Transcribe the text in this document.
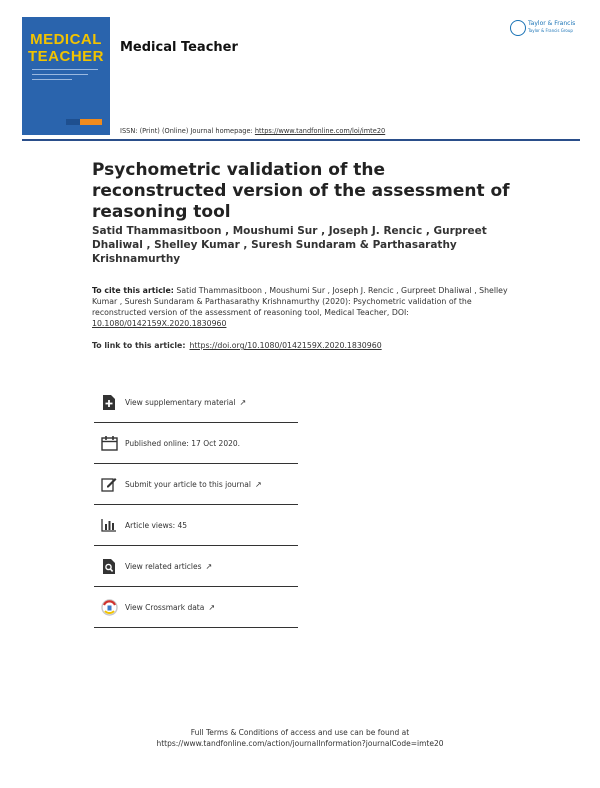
MEDICAL
TEACHER
Medical Teacher
ISSN: (Print) (Online) Journal homepage: https://www.tandfonline.com/loi/imte20
Taylor & Francis
Taylor & Francis Group
Psychometric validation of the reconstructed version of the assessment of reasoning tool
Satid Thammasitboon , Moushumi Sur , Joseph J. Rencic , Gurpreet Dhaliwal , Shelley Kumar , Suresh Sundaram & Parthasarathy Krishnamurthy
To cite this article: Satid Thammasitboon , Moushumi Sur , Joseph J. Rencic , Gurpreet Dhaliwal , Shelley Kumar , Suresh Sundaram & Parthasarathy Krishnamurthy (2020): Psychometric validation of the reconstructed version of the assessment of reasoning tool, Medical Teacher, DOI: 10.1080/0142159X.2020.1830960
To link to this article: https://doi.org/10.1080/0142159X.2020.1830960
View supplementary material ↗
Published online: 17 Oct 2020.
Submit your article to this journal ↗
Article views: 45
View related articles ↗
View Crossmark data ↗
Full Terms & Conditions of access and use can be found at
https://www.tandfonline.com/action/journalInformation?journalCode=imte20
